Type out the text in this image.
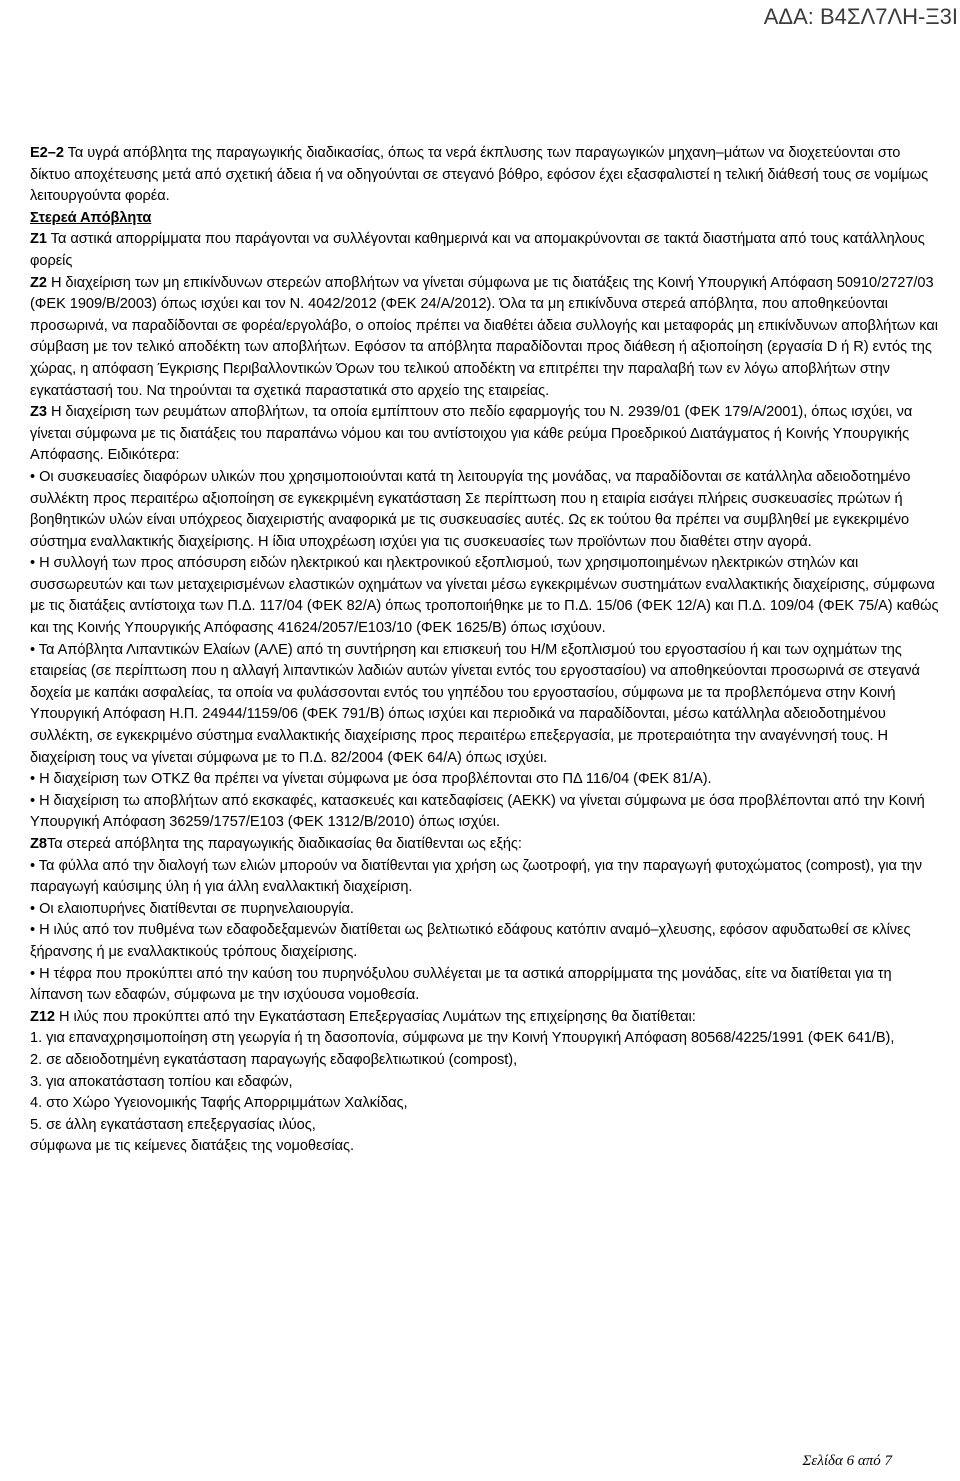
ΑΔΑ: Β4ΣΛ7ΛΗ-Ξ3Ι

Ε2–2 Τα υγρά απόβλητα της παραγωγικής διαδικασίας, όπως τα νερά έκπλυσης των παραγωγικών μηχανη–μάτων να διοχετεύονται στο δίκτυο αποχέτευσης μετά από σχετική άδεια ή να οδηγούνται σε στεγανό βόθρο, εφόσον έχει εξασφαλιστεί η τελική διάθεσή τους σε νομίμως λειτουργούντα φορέα.

Στερεά Απόβλητα

Ζ1 Τα αστικά απορρίμματα που παράγονται να συλλέγονται καθημερινά και να απομακρύνονται σε τακτά διαστήματα από τους κατάλληλους φορείς

Ζ2 Η διαχείριση των μη επικίνδυνων στερεών αποβλήτων να γίνεται σύμφωνα με τις διατάξεις της Κοινή Υπουργική Απόφαση 50910/2727/03 (ΦΕΚ 1909/Β/2003) όπως ισχύει και τον Ν. 4042/2012 (ΦΕΚ 24/Α/2012). Όλα τα μη επικίνδυνα στερεά απόβλητα, που αποθηκεύονται προσωρινά, να παραδίδονται σε φορέα/εργολάβο, ο οποίος πρέπει να διαθέτει άδεια συλλογής και μεταφοράς μη επικίνδυνων αποβλήτων και σύμβαση με τον τελικό αποδέκτη των αποβλήτων. Εφόσον τα απόβλητα παραδίδονται προς διάθεση ή αξιοποίηση (εργασία D ή R) εντός της χώρας, η απόφαση Έγκρισης Περιβαλλοντικών Όρων του τελικού αποδέκτη να επιτρέπει την παραλαβή των εν λόγω αποβλήτων στην εγκατάστασή του. Να τηρούνται τα σχετικά παραστατικά στο αρχείο της εταιρείας.

Ζ3 Η διαχείριση των ρευμάτων αποβλήτων, τα οποία εμπίπτουν στο πεδίο εφαρμογής του Ν. 2939/01 (ΦΕΚ 179/Α/2001), όπως ισχύει, να γίνεται σύμφωνα με τις διατάξεις του παραπάνω νόμου και του αντίστοιχου για κάθε ρεύμα Προεδρικού Διατάγματος ή Κοινής Υπουργικής Απόφασης. Ειδικότερα:

• Οι συσκευασίες διαφόρων υλικών που χρησιμοποιούνται κατά τη λειτουργία της μονάδας, να παραδίδονται σε κατάλληλα αδειοδοτημένο συλλέκτη προς περαιτέρω αξιοποίηση σε εγκεκριμένη εγκατάσταση Σε περίπτωση που η εταιρία εισάγει πλήρεις συσκευασίες πρώτων ή βοηθητικών υλών είναι υπόχρεος διαχειριστής αναφορικά με τις συσκευασίες αυτές. Ως εκ τούτου θα πρέπει να συμβληθεί με εγκεκριμένο σύστημα εναλλακτικής διαχείρισης. Η ίδια υποχρέωση ισχύει για τις συσκευασίες των προϊόντων που διαθέτει στην αγορά.

• Η συλλογή των προς απόσυρση ειδών ηλεκτρικού και ηλεκτρονικού εξοπλισμού, των χρησιμοποιημένων ηλεκτρικών στηλών και συσσωρευτών και των μεταχειρισμένων ελαστικών οχημάτων να γίνεται μέσω εγκεκριμένων συστημάτων εναλλακτικής διαχείρισης, σύμφωνα με τις διατάξεις αντίστοιχα των Π.Δ. 117/04 (ΦΕΚ 82/Α) όπως τροποποιήθηκε με το Π.Δ. 15/06 (ΦΕΚ 12/Α) και Π.Δ. 109/04 (ΦΕΚ 75/Α) καθώς και της Κοινής Υπουργικής Απόφασης 41624/2057/Ε103/10 (ΦΕΚ 1625/Β) όπως ισχύουν.

• Τα Απόβλητα Λιπαντικών Ελαίων (ΑΛΕ) από τη συντήρηση και επισκευή του Η/Μ εξοπλισμού του εργοστασίου ή και των οχημάτων της εταιρείας (σε περίπτωση που η αλλαγή λιπαντικών λαδιών αυτών γίνεται εντός του εργοστασίου) να αποθηκεύονται προσωρινά σε στεγανά δοχεία με καπάκι ασφαλείας, τα οποία να φυλάσσονται εντός του γηπέδου του εργοστασίου, σύμφωνα με τα προβλεπόμενα στην Κοινή Υπουργική Απόφαση Η.Π. 24944/1159/06 (ΦΕΚ 791/Β) όπως ισχύει και περιοδικά να παραδίδονται, μέσω κατάλληλα αδειοδοτημένου συλλέκτη, σε εγκεκριμένο σύστημα εναλλακτικής διαχείρισης προς περαιτέρω επεξεργασία, με προτεραιότητα την αναγέννησή τους. Η διαχείριση τους να γίνεται σύμφωνα με το Π.Δ. 82/2004 (ΦΕΚ 64/Α) όπως ισχύει.

• Η διαχείριση των ΟΤΚΖ θα πρέπει να γίνεται σύμφωνα με όσα προβλέπονται στο ΠΔ 116/04 (ΦΕΚ 81/Α).

• Η διαχείριση τω αποβλήτων από εκσκαφές, κατασκευές και κατεδαφίσεις (ΑΕΚΚ) να γίνεται σύμφωνα με όσα προβλέπονται από την Κοινή Υπουργική Απόφαση 36259/1757/Ε103 (ΦΕΚ 1312/Β/2010) όπως ισχύει.

Ζ8Τα στερεά απόβλητα της παραγωγικής διαδικασίας θα διατίθενται ως εξής:

• Τα φύλλα από την διαλογή των ελιών μπορούν να διατίθενται για χρήση ως ζωοτροφή, για την παραγωγή φυτοχώματος (compost), για την παραγωγή καύσιμης ύλη ή για άλλη εναλλακτική διαχείριση.

• Οι ελαιοπυρήνες διατίθενται σε πυρηνελαιουργία.

• Η ιλύς από τον πυθμένα των εδαφοδεξαμενών διατίθεται ως βελτιωτικό εδάφους κατόπιν αναμό–χλευσης, εφόσον αφυδατωθεί σε κλίνες ξήρανσης ή με εναλλακτικούς τρόπους διαχείρισης.

• Η τέφρα που προκύπτει από την καύση του πυρηνόξυλου συλλέγεται με τα αστικά απορρίμματα της μονάδας, είτε να διατίθεται για τη λίπανση των εδαφών, σύμφωνα με την ισχύουσα νομοθεσία.

Ζ12 Η ιλύς που προκύπτει από την Εγκατάσταση Επεξεργασίας Λυμάτων της επιχείρησης θα διατίθεται:

1. για επαναχρησιμοποίηση στη γεωργία ή τη δασοπονία, σύμφωνα με την Κοινή Υπουργική Απόφαση 80568/4225/1991 (ΦΕΚ 641/Β),

2. σε αδειοδοτημένη εγκατάσταση παραγωγής εδαφοβελτιωτικού (compost),

3. για αποκατάσταση τοπίου και εδαφών,

4. στο Χώρο Υγειονομικής Ταφής Απορριμμάτων Χαλκίδας,

5. σε άλλη εγκατάσταση επεξεργασίας ιλύος,

σύμφωνα με τις κείμενες διατάξεις της νομοθεσίας.

Σελίδα 6 από 7
